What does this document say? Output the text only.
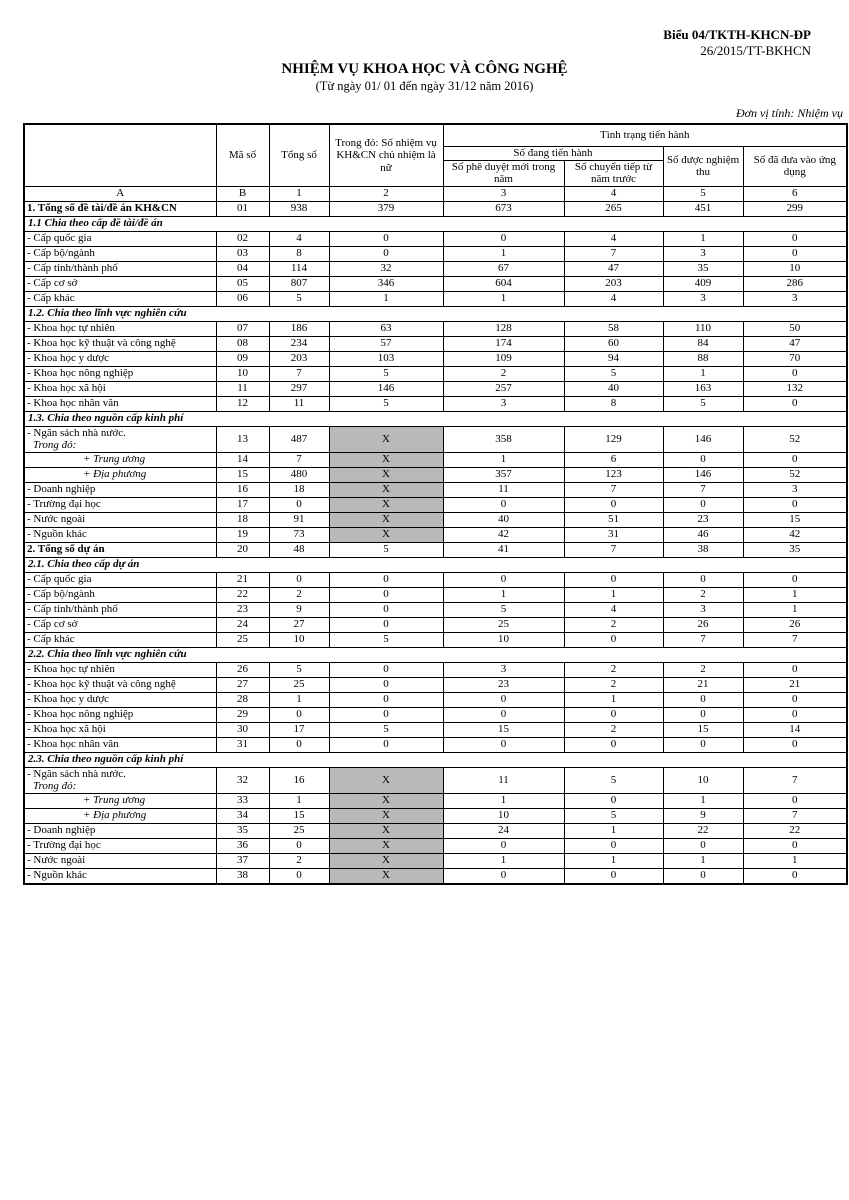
Biểu 04/TKTH-KHCN-ĐP
26/2015/TT-BKHCN
NHIỆM VỤ KHOA HỌC VÀ CÔNG NGHỆ
(Từ ngày 01/ 01 đến ngày 31/12 năm 2016)
Đơn vị tính: Nhiệm vụ
	Mã số	Tổng số	Trong đó: Số nhiệm vụ KH&CN chủ nhiệm là nữ	Tình trạng tiến hành			
				Số đang tiến hành		Số được nghiệm thu	Số đã đưa vào ứng dụng
				Số phê duyệt mới trong năm	Số chuyển tiếp từ năm trước		
A	B	1	2	3	4	5	6
1. Tổng số đề tài/đề án KH&CN	01	938	379	673	265	451	299
1.1 Chia theo cấp đề tài/đề án							
- Cấp quốc gia	02	4	0	0	4	1	0
- Cấp bộ/ngành	03	8	0	1	7	3	0
- Cấp tỉnh/thành phố	04	114	32	67	47	35	10
- Cấp cơ sở	05	807	346	604	203	409	286
- Cấp khác	06	5	1	1	4	3	3
1.2. Chia theo lĩnh vực nghiên cứu							
- Khoa học tự nhiên	07	186	63	128	58	110	50
- Khoa học kỹ thuật và công nghệ	08	234	57	174	60	84	47
- Khoa học y dược	09	203	103	109	94	88	70
- Khoa học nông nghiệp	10	7	5	2	5	1	0
- Khoa học xã hội	11	297	146	257	40	163	132
- Khoa học nhân văn	12	11	5	3	8	5	0
1.3. Chia theo nguồn cấp kinh phí							

- Ngân sách nhà nước.
Trong đó:	13	487	X	358	129	146	52
+ Trung ương	14	7	X	1	6	0	0
+ Địa phương	15	480	X	357	123	146	52
- Doanh nghiệp	16	18	X	11	7	7	3
- Trường đại học	17	0	X	0	0	0	0
- Nước ngoài	18	91	X	40	51	23	15
- Nguồn khác	19	73	X	42	31	46	42
2. Tổng số dự án	20	48	5	41	7	38	35
2.1. Chia theo cấp dự án							
- Cấp quốc gia	21	0	0	0	0	0	0
- Cấp bộ/ngành	22	2	0	1	1	2	1
- Cấp tỉnh/thành phố	23	9	0	5	4	3	1
- Cấp cơ sở	24	27	0	25	2	26	26
- Cấp khác	25	10	5	10	0	7	7
2.2. Chia theo lĩnh vực nghiên cứu							
- Khoa học tự nhiên	26	5	0	3	2	2	0
- Khoa học kỹ thuật và công nghệ	27	25	0	23	2	21	21
- Khoa học y dược	28	1	0	0	1	0	0
- Khoa học nông nghiệp	29	0	0	0	0	0	0
- Khoa học xã hội	30	17	5	15	2	15	14
- Khoa học nhân văn	31	0	0	0	0	0	0
2.3. Chia theo nguồn cấp kinh phí							

- Ngân sách nhà nước.
Trong đó:	32	16	X	11	5	10	7
+ Trung ương	33	1	X	1	0	1	0
+ Địa phương	34	15	X	10	5	9	7
- Doanh nghiệp	35	25	X	24	1	22	22
- Trường đại học	36	0	X	0	0	0	0
- Nước ngoài	37	2	X	1	1	1	1
- Nguồn khác	38	0	X	0	0	0	0
